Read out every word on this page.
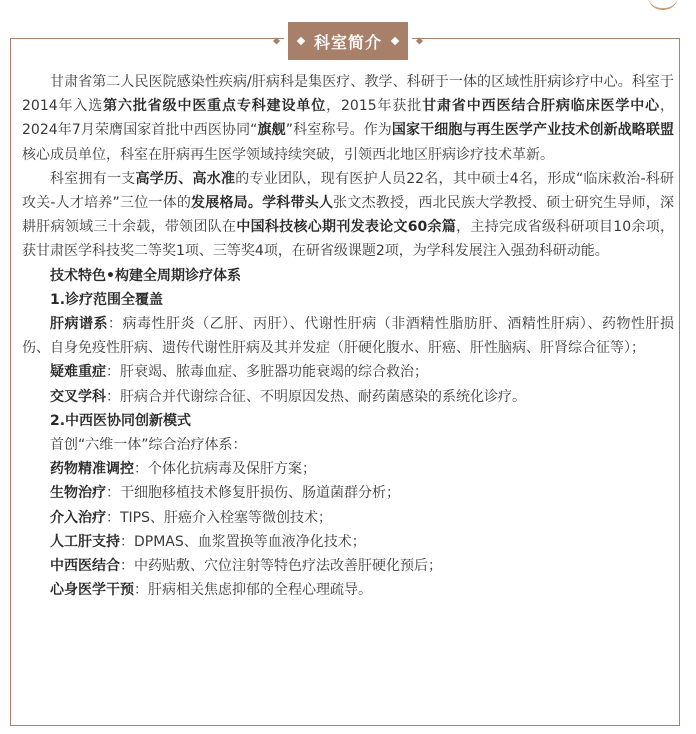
科室简介

甘肃省第二人民医院感染性疾病/肝病科是集医疗、教学、科研于一体的区域性肝病诊疗中心。科室于2014年入选第六批省级中医重点专科建设单位，2015年获批甘肃省中西医结合肝病临床医学中心，2024年7月荣膺国家首批中西医协同“旗舰”科室称号。作为国家干细胞与再生医学产业技术创新战略联盟核心成员单位，科室在肝病再生医学领域持续突破，引领西北地区肝病诊疗技术革新。

科室拥有一支高学历、高水准的专业团队，现有医护人员22名，其中硕士4名，形成“临床救治-科研攻关-人才培养”三位一体的发展格局。学科带头人张文杰教授，西北民族大学教授、硕士研究生导师，深耕肝病领域三十余载，带领团队在中国科技核心期刊发表论文60余篇，主持完成省级科研项目10余项，获甘肃医学科技奖二等奖1项、三等奖4项，在研省级课题2项，为学科发展注入强劲科研动能。

技术特色•构建全周期诊疗体系

1.诊疗范围全覆盖

肝病谱系：病毒性肝炎（乙肝、丙肝）、代谢性肝病（非酒精性脂肪肝、酒精性肝病）、药物性肝损伤、自身免疫性肝病、遗传代谢性肝病及其并发症（肝硬化腹水、肝癌、肝性脑病、肝肾综合征等）；

疑难重症：肝衰竭、脓毒血症、多脏器功能衰竭的综合救治；

交叉学科：肝病合并代谢综合征、不明原因发热、耐药菌感染的系统化诊疗。

2.中西医协同创新模式

首创“六维一体”综合治疗体系：

药物精准调控：个体化抗病毒及保肝方案；

生物治疗：干细胞移植技术修复肝损伤、肠道菌群分析；

介入治疗：TIPS、肝癌介入栓塞等微创技术；

人工肝支持：DPMAS、血浆置换等血液净化技术；

中西医结合：中药贴敷、穴位注射等特色疗法改善肝硬化预后；

心身医学干预：肝病相关焦虑抑郁的全程心理疏导。
